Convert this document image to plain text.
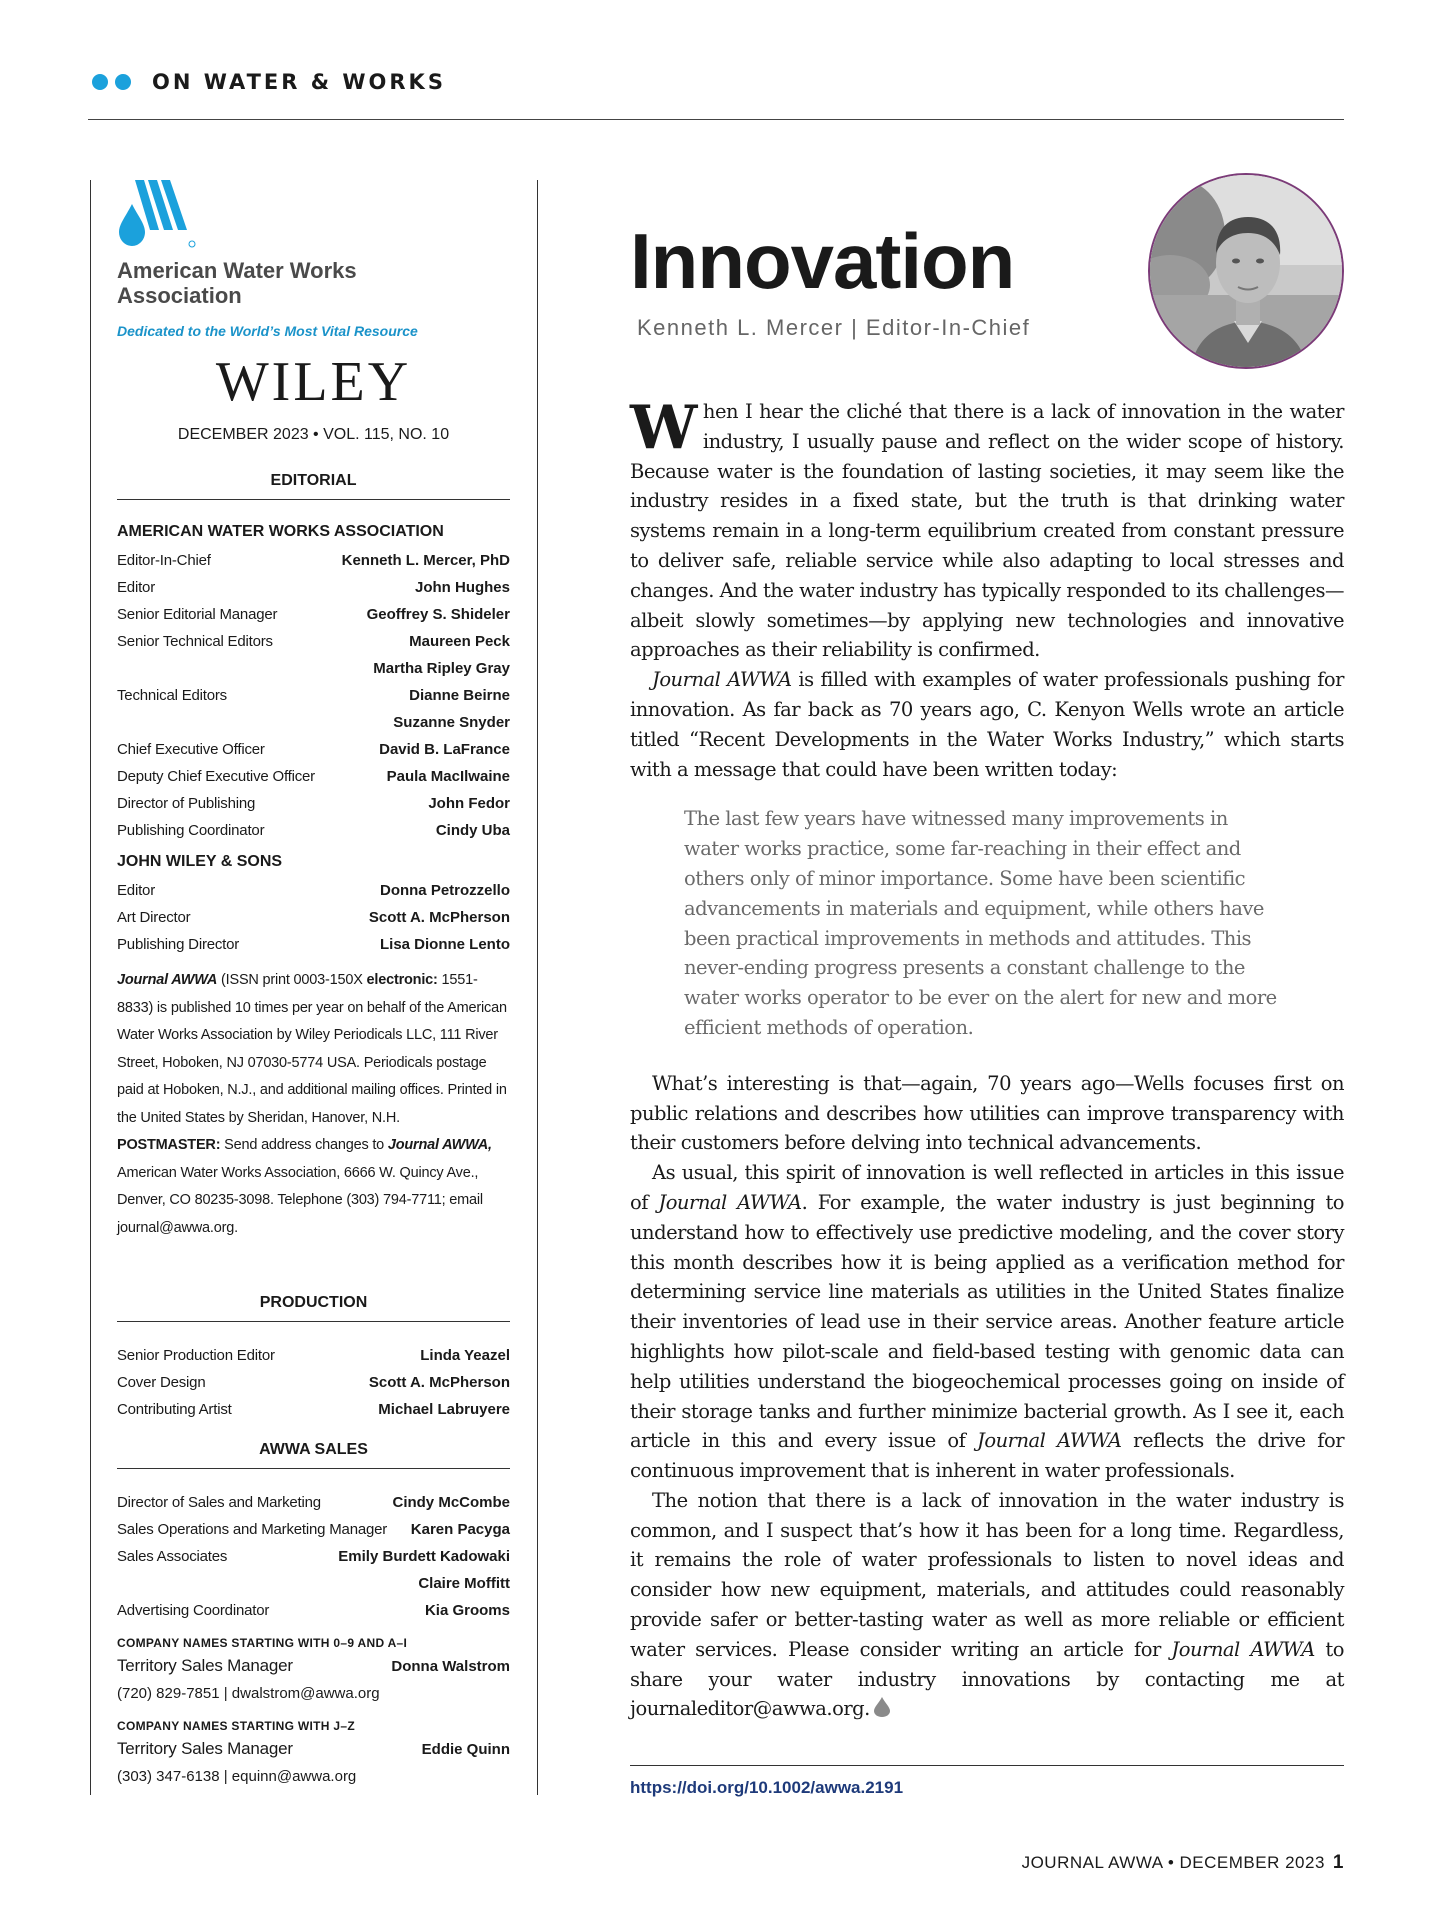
ON WATER & WORKS
American Water Works Association
Dedicated to the World’s Most Vital Resource
WILEY
DECEMBER 2023 • VOL. 115, NO. 10
EDITORIAL
AMERICAN WATER WORKS ASSOCIATION
Editor-In-Chief	Kenneth L. Mercer, PhD
Editor	John Hughes
Senior Editorial Manager	Geoffrey S. Shideler
Senior Technical Editors	Maureen Peck
Martha Ripley Gray
Technical Editors	Dianne Beirne
Suzanne Snyder
Chief Executive Officer	David B. LaFrance
Deputy Chief Executive Officer	Paula MacIlwaine
Director of Publishing	John Fedor
Publishing Coordinator	Cindy Uba
JOHN WILEY & SONS
Editor	Donna Petrozzello
Art Director	Scott A. McPherson
Publishing Director	Lisa Dionne Lento
Journal AWWA (ISSN print 0003-150X electronic: 1551-8833) is published 10 times per year on behalf of the American Water Works Association by Wiley Periodicals LLC, 111 River Street, Hoboken, NJ 07030-5774 USA. Periodicals postage paid at Hoboken, N.J., and additional mailing offices. Printed in the United States by Sheridan, Hanover, N.H.
POSTMASTER: Send address changes to Journal AWWA, American Water Works Association, 6666 W. Quincy Ave., Denver, CO 80235-3098. Telephone (303) 794-7711; email journal@awwa.org.
PRODUCTION
Senior Production Editor	Linda Yeazel
Cover Design	Scott A. McPherson
Contributing Artist	Michael Labruyere
AWWA SALES
Director of Sales and Marketing	Cindy McCombe
Sales Operations and Marketing Manager Karen Pacyga
Sales Associates	Emily Burdett Kadowaki
Claire Moffitt
Advertising Coordinator	Kia Grooms
COMPANY NAMES STARTING WITH 0–9 AND A–I
Territory Sales Manager	Donna Walstrom
(720) 829-7851 | dwalstrom@awwa.org
COMPANY NAMES STARTING WITH J–Z
Territory Sales Manager	Eddie Quinn
(303) 347-6138 | equinn@awwa.org
Innovation
Kenneth L. Mercer | Editor-In-Chief

When I hear the cliché that there is a lack of innovation in the water industry, I usually pause and reflect on the wider scope of history. Because water is the foundation of lasting societies, it may seem like the industry resides in a fixed state, but the truth is that drinking water systems remain in a long-term equilibrium created from constant pressure to deliver safe, reliable service while also adapting to local stresses and changes. And the water industry has typically responded to its challenges—albeit slowly sometimes—by applying new technologies and innovative approaches as their reliability is confirmed.

Journal AWWA is filled with examples of water professionals pushing for innovation. As far back as 70 years ago, C. Kenyon Wells wrote an article titled “Recent Developments in the Water Works Industry,” which starts with a message that could have been written today:

The last few years have witnessed many improvements in water works practice, some far-reaching in their effect and others only of minor importance. Some have been scientific advancements in materials and equipment, while others have been practical improvements in methods and attitudes. This never-ending progress presents a constant challenge to the water works operator to be ever on the alert for new and more efficient methods of operation.

What’s interesting is that—again, 70 years ago—Wells focuses first on public relations and describes how utilities can improve transparency with their customers before delving into technical advancements.

As usual, this spirit of innovation is well reflected in articles in this issue of Journal AWWA. For example, the water industry is just beginning to understand how to effectively use predictive modeling, and the cover story this month describes how it is being applied as a verification method for determining service line materials as utilities in the United States finalize their inventories of lead use in their service areas. Another feature article highlights how pilot-scale and field-based testing with genomic data can help utilities understand the biogeochemical processes going on inside of their storage tanks and further minimize bacterial growth. As I see it, each article in this and every issue of Journal AWWA reflects the drive for continuous improvement that is inherent in water professionals.

The notion that there is a lack of innovation in the water industry is common, and I suspect that’s how it has been for a long time. Regardless, it remains the role of water professionals to listen to novel ideas and consider how new equipment, materials, and attitudes could reasonably provide safer or better-tasting water as well as more reliable or efficient water services. Please consider writing an article for Journal AWWA to share your water industry innovations by contacting me at journaleditor@awwa.org.

https://doi.org/10.1002/awwa.2191
JOURNAL AWWA • DECEMBER 2023 1
